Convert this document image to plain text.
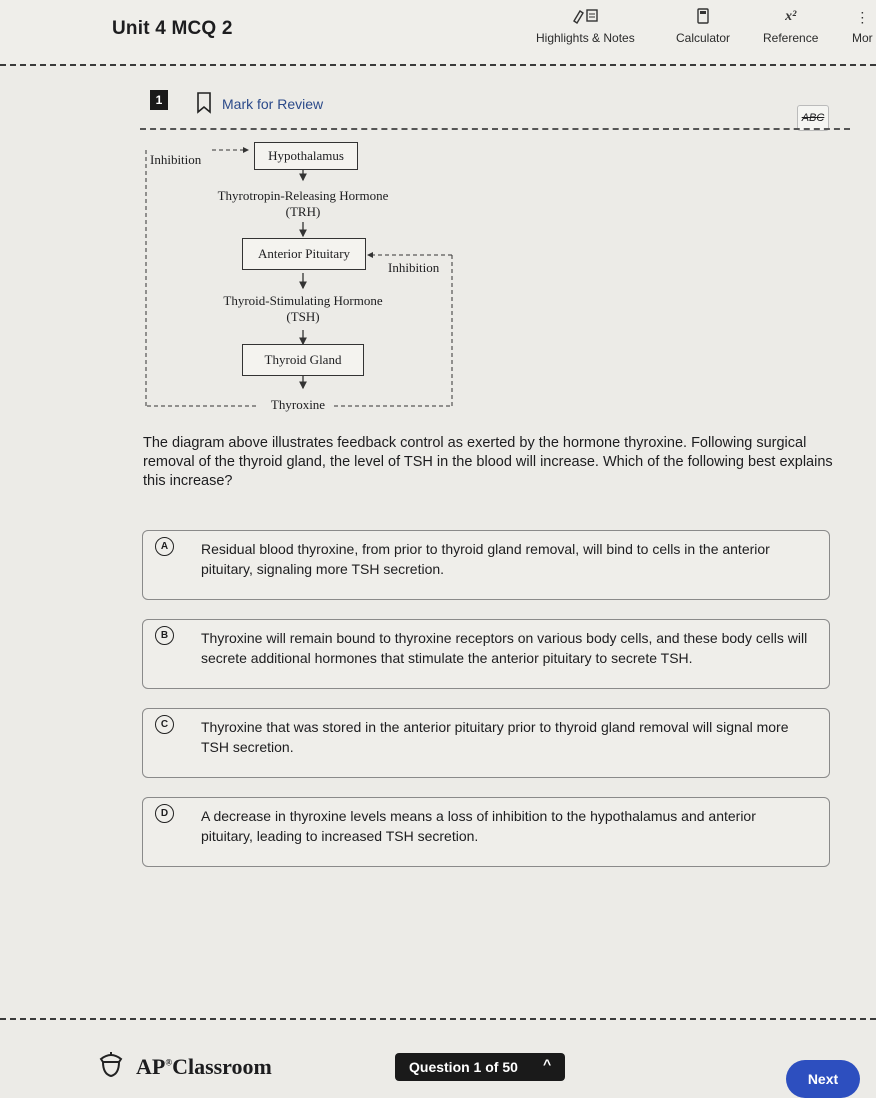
Unit 4 MCQ 2	Highlights & Notes	Calculator
x²
Reference
⋮
Mor
1	Mark for Review
ABC
Inhibition	Hypothalamus
Thyrotropin-Releasing Hormone
(TRH)
Anterior Pituitary
Inhibition
Thyroid-Stimulating Hormone
(TSH)
Thyroid Gland
Thyroxine
The diagram above illustrates feedback control as exerted by the hormone thyroxine. Following surgical removal of the thyroid gland, the level of TSH in the blood will increase. Which of the following best explains this increase?
A	Residual blood thyroxine, from prior to thyroid gland removal, will bind to cells in the anterior pituitary, signaling more TSH secretion.
B	Thyroxine will remain bound to thyroxine receptors on various body cells, and these body cells will secrete additional hormones that stimulate the anterior pituitary to secrete TSH.
C	Thyroxine that was stored in the anterior pituitary prior to thyroid gland removal will signal more TSH secretion.
D	A decrease in thyroxine levels means a loss of inhibition to the hypothalamus and anterior pituitary, leading to increased TSH secretion.
AP®Classroom	Question 1 of 50 ^
Next
